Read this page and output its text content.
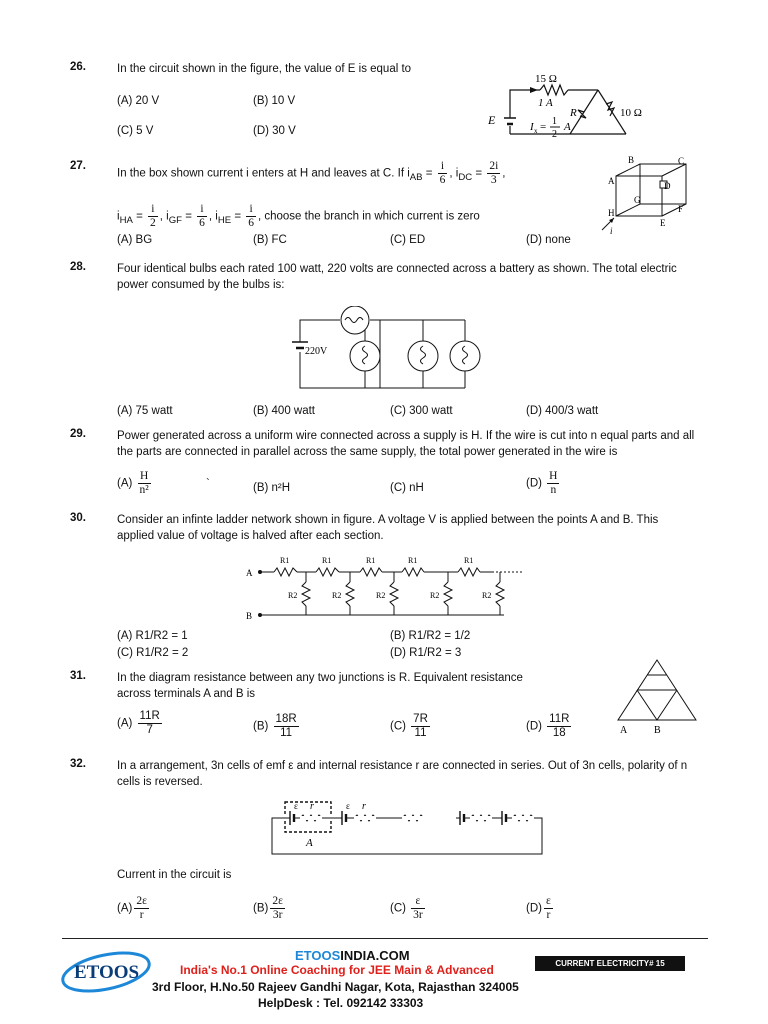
26.	In the circuit shown in the figure, the value of E is equal to
(A) 20 V	(B) 10 V
(C) 5 V	(D) 30 V
15 Ω
1 A
R	10 Ω
E	I x = 1
2
A
27.
In the box shown current i enters at H and leaves at C. If $i_{AB} = \frac{i}{6}$ , $i_{DC} = \frac{2i}{3}$ ,
$i_{HA} = \frac{i}{2}$ , $i_{GF} = \frac{i}{6}$ , $i_{HE} = \frac{i}{6}$ , choose the branch in which current is zero
(A) BG	(B) FC	(C) ED	(D) none
B	C
A	D
G
F
H
E
i
28.	Four identical bulbs each rated 100 watt, 220 volts are connected across a battery as shown. The total electric power consumed by the bulbs is:
220V
(A) 75 watt	(B) 400 watt	(C) 300 watt	(D) 400/3 watt
29.	Power generated across a uniform wire connected across a supply is H. If the wire is cut into n equal parts and all the parts are connected in parallel across the same supply, the total power generated in the wire is
$(A) \frac{H}{\text{n²}}$	`	(B) n²H	(C) nH	$(D) \frac{H}{n}$
30.	Consider an infinte ladder network shown in figure. A voltage V is applied between the points A and B. This applied value of voltage is halved after each section.
A
B
R1	R1	R1	R1	R1
R2	R2	R2	R2	R2
(A) R1/R2 = 1	(B) R1/R2 = 1/2
(C) R1/R2 = 2	(D) R1/R2 = 3
31.	In the diagram resistance between any two junctions is R. Equivalent resistance across terminals A and B is
$(A) \frac{11R}{7}$	$(B) \frac{18R}{11}$	$(C) \frac{7R}{11}$	$(D) \frac{11R}{18}$	A	B
32.	In a arrangement, 3n cells of emf ε and internal resistance r are connected in series. Out of 3n cells, polarity of n cells is reversed.
ε r	ε r
A
Current in the circuit is
$(A) \frac{2\varepsilon}{r}$	$(B) \frac{2\varepsilon}{3r}$	$(C) \frac{\varepsilon}{3r}$	$(D) \frac{\varepsilon}{r}$
ETOOS
ETOOSINDIA.COM
India's No.1 Online Coaching for JEE Main & Advanced
3rd Floor, H.No.50 Rajeev Gandhi Nagar, Kota, Rajasthan 324005
HelpDesk : Tel. 092142 33303
CURRENT ELECTRICITY# 15
